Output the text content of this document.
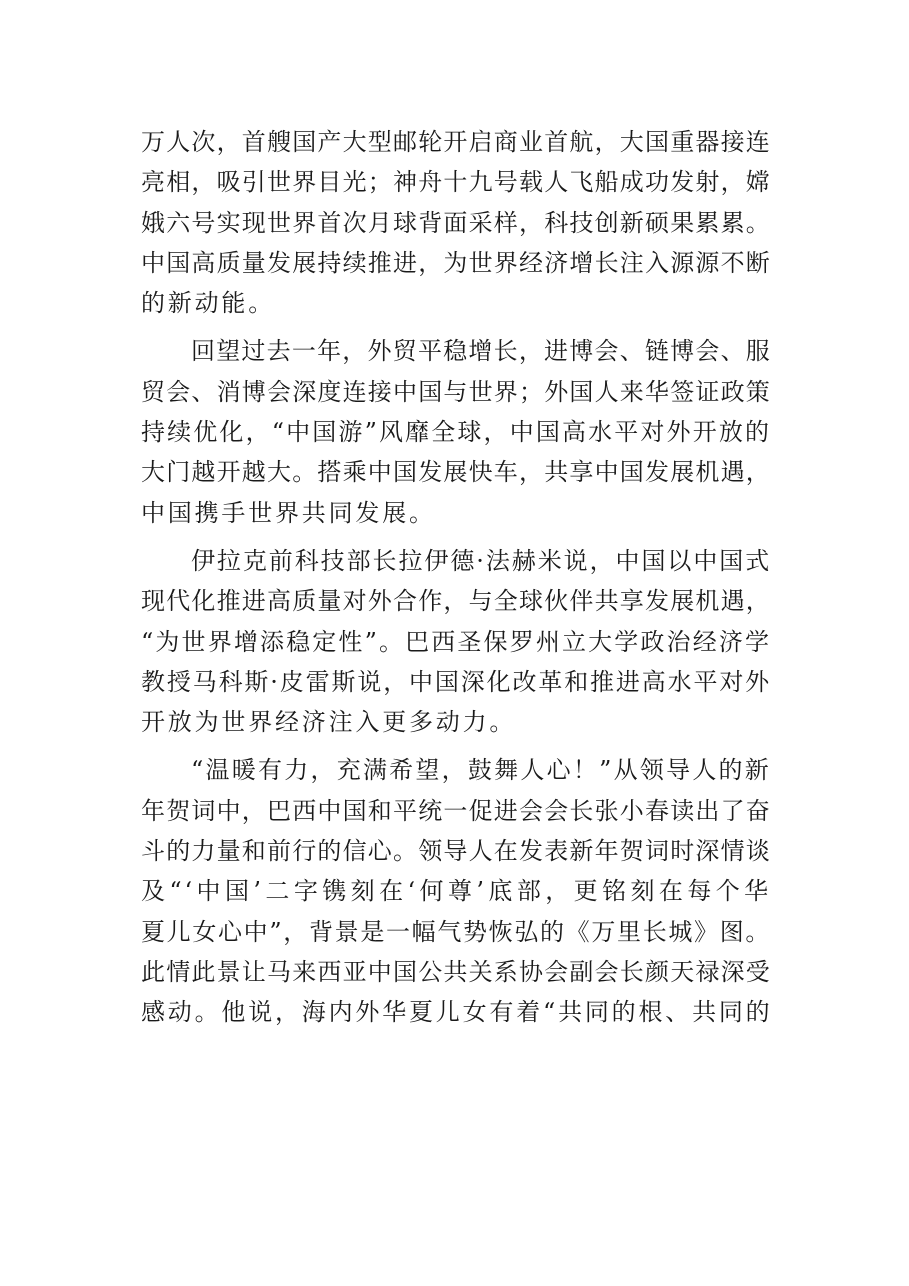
万人次，首艘国产大型邮轮开启商业首航，大国重器接连
亮相，吸引世界目光；神舟十九号载人飞船成功发射，嫦
娥六号实现世界首次月球背面采样，科技创新硕果累累。
中国高质量发展持续推进，为世界经济增长注入源源不断
的新动能。
回望过去一年，外贸平稳增长，进博会、链博会、服
贸会、消博会深度连接中国与世界；外国人来华签证政策
持续优化，“中国游”风靡全球，中国高水平对外开放的
大门越开越大。搭乘中国发展快车，共享中国发展机遇，
中国携手世界共同发展。
伊拉克前科技部长拉伊德·法赫米说，中国以中国式
现代化推进高质量对外合作，与全球伙伴共享发展机遇，
“为世界增添稳定性”。巴西圣保罗州立大学政治经济学
教授马科斯·皮雷斯说，中国深化改革和推进高水平对外
开放为世界经济注入更多动力。
“温暖有力，充满希望，鼓舞人心！”从领导人的新
年贺词中，巴西中国和平统一促进会会长张小春读出了奋
斗的力量和前行的信心。领导人在发表新年贺词时深情谈
及“‘中国’二字镌刻在‘何尊’底部，更铭刻在每个华
夏儿女心中”，背景是一幅气势恢弘的《万里长城》图。
此情此景让马来西亚中国公共关系协会副会长颜天禄深受
感动。他说，海内外华夏儿女有着“共同的根、共同的
